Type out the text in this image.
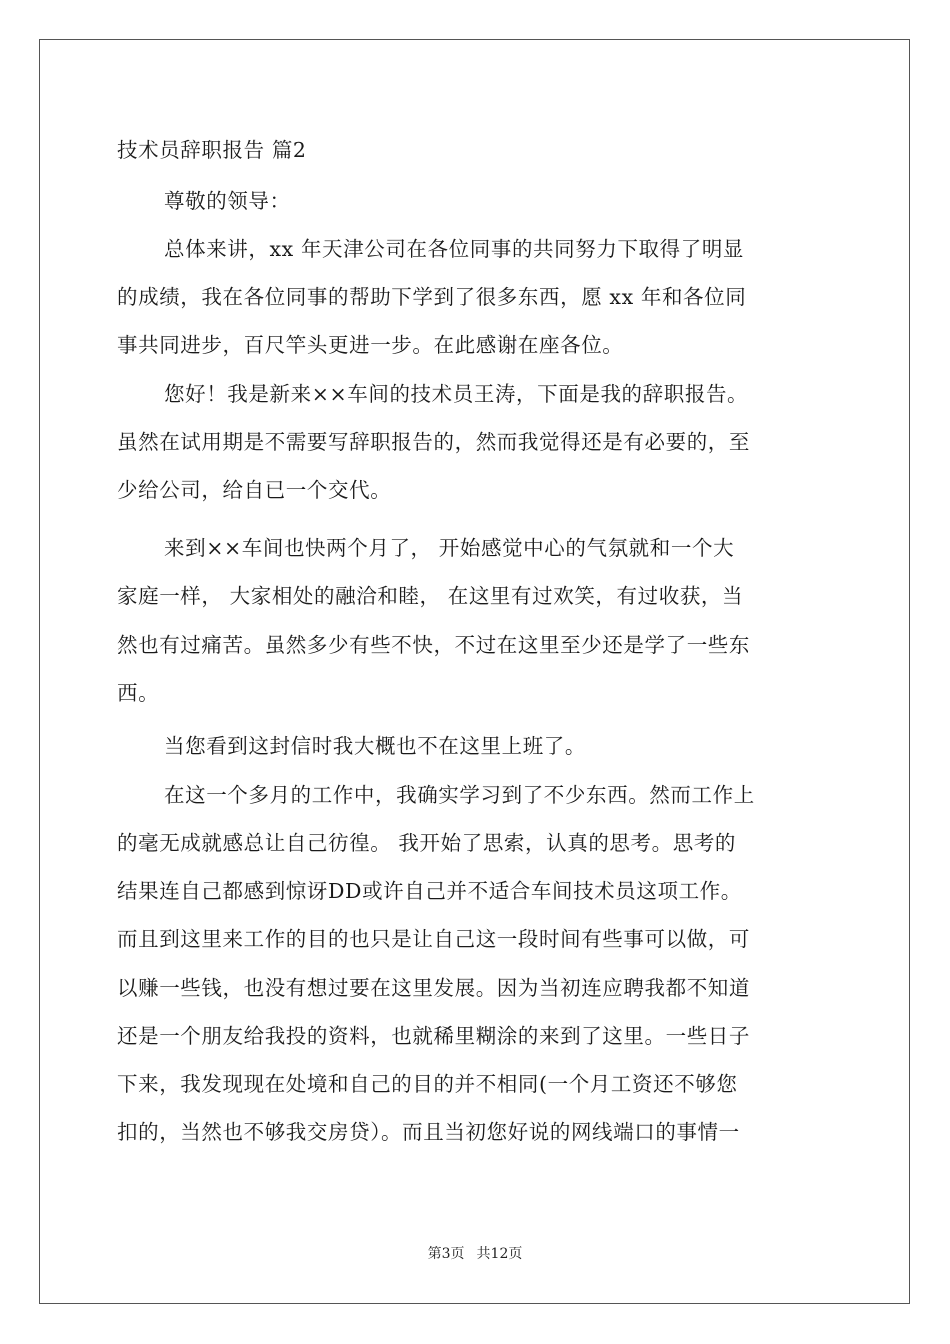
技术员辞职报告 篇2
尊敬的领导：
总体来讲，xx 年天津公司在各位同事的共同努力下取得了明显
的成绩，我在各位同事的帮助下学到了很多东西，愿 xx 年和各位同
事共同进步，百尺竿头更进一步。在此感谢在座各位。
您好！我是新来××车间的技术员王涛，下面是我的辞职报告。
虽然在试用期是不需要写辞职报告的，然而我觉得还是有必要的，至
少给公司，给自已一个交代。
来到××车间也快两个月了， 开始感觉中心的气氛就和一个大
家庭一样， 大家相处的融洽和睦， 在这里有过欢笑，有过收获，当
然也有过痛苦。虽然多少有些不快，不过在这里至少还是学了一些东
西。
当您看到这封信时我大概也不在这里上班了。
在这一个多月的工作中，我确实学习到了不少东西。然而工作上
的毫无成就感总让自己彷徨。 我开始了思索，认真的思考。思考的
结果连自己都感到惊讶DD或许自己并不适合车间技术员这项工作。
而且到这里来工作的目的也只是让自己这一段时间有些事可以做，可
以赚一些钱，也没有想过要在这里发展。因为当初连应聘我都不知道
还是一个朋友给我投的资料，也就稀里糊涂的来到了这里。一些日子
下来，我发现现在处境和自己的目的并不相同(一个月工资还不够您
扣的，当然也不够我交房贷）。而且当初您好说的网线端口的事情一
第3页 共12页
